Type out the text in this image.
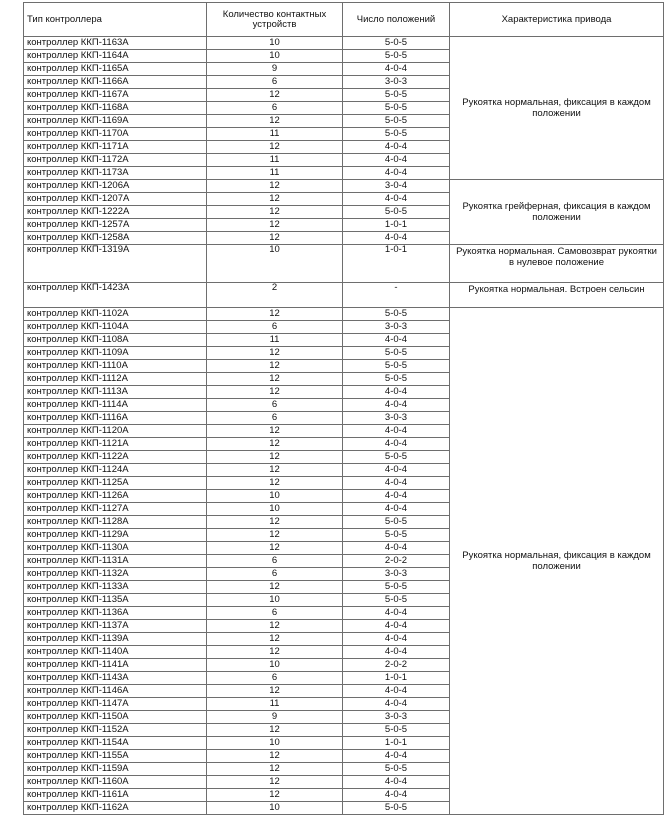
Тип контроллера	Количество контактных устройств	Число положений	Характеристика привода
контроллер ККП-1163А	10	5-0-5	Рукоятка нормальная, фиксация в каждом положении
контроллер ККП-1164А	10	5-0-5	
контроллер ККП-1165А	9	4-0-4	
контроллер ККП-1166А	6	3-0-3	
контроллер ККП-1167А	12	5-0-5	
контроллер ККП-1168А	6	5-0-5	
контроллер ККП-1169А	12	5-0-5	
контроллер ККП-1170А	11	5-0-5	
контроллер ККП-1171А	12	4-0-4	
контроллер ККП-1172А	11	4-0-4	
контроллер ККП-1173А	11	4-0-4	
контроллер ККП-1206А	12	3-0-4	Рукоятка грейферная, фиксация в каждом положении
контроллер ККП-1207А	12	4-0-4	
контроллер ККП-1222А	12	5-0-5	
контроллер ККП-1257А	12	1-0-1	
контроллер ККП-1258А	12	4-0-4	
контроллер ККП-1319А	10	1-0-1	Рукоятка нормальная. Самовозврат рукоятки в нулевое положение
контроллер ККП-1423А	2	-	Рукоятка нормальная. Встроен сельсин
контроллер ККП-1102А	12	5-0-5	Рукоятка нормальная, фиксация в каждом положении
контроллер ККП-1104А	6	3-0-3	
контроллер ККП-1108А	11	4-0-4	
контроллер ККП-1109А	12	5-0-5	
контроллер ККП-1110А	12	5-0-5	
контроллер ККП-1112А	12	5-0-5	
контроллер ККП-1113А	12	4-0-4	
контроллер ККП-1114А	6	4-0-4	
контроллер ККП-1116А	6	3-0-3	
контроллер ККП-1120А	12	4-0-4	
контроллер ККП-1121А	12	4-0-4	
контроллер ККП-1122А	12	5-0-5	
контроллер ККП-1124А	12	4-0-4	
контроллер ККП-1125А	12	4-0-4	
контроллер ККП-1126А	10	4-0-4	
контроллер ККП-1127А	10	4-0-4	
контроллер ККП-1128А	12	5-0-5	
контроллер ККП-1129А	12	5-0-5	
контроллер ККП-1130А	12	4-0-4	
контроллер ККП-1131А	6	2-0-2	
контроллер ККП-1132А	6	3-0-3	
контроллер ККП-1133А	12	5-0-5	
контроллер ККП-1135А	10	5-0-5	
контроллер ККП-1136А	6	4-0-4	
контроллер ККП-1137А	12	4-0-4	
контроллер ККП-1139А	12	4-0-4	
контроллер ККП-1140А	12	4-0-4	
контроллер ККП-1141А	10	2-0-2	
контроллер ККП-1143А	6	1-0-1	
контроллер ККП-1146А	12	4-0-4	
контроллер ККП-1147А	11	4-0-4	
контроллер ККП-1150А	9	3-0-3	
контроллер ККП-1152А	12	5-0-5	
контроллер ККП-1154А	10	1-0-1	
контроллер ККП-1155А	12	4-0-4	
контроллер ККП-1159А	12	5-0-5	
контроллер ККП-1160А	12	4-0-4	
контроллер ККП-1161А	12	4-0-4	
контроллер ККП-1162А	10	5-0-5	
